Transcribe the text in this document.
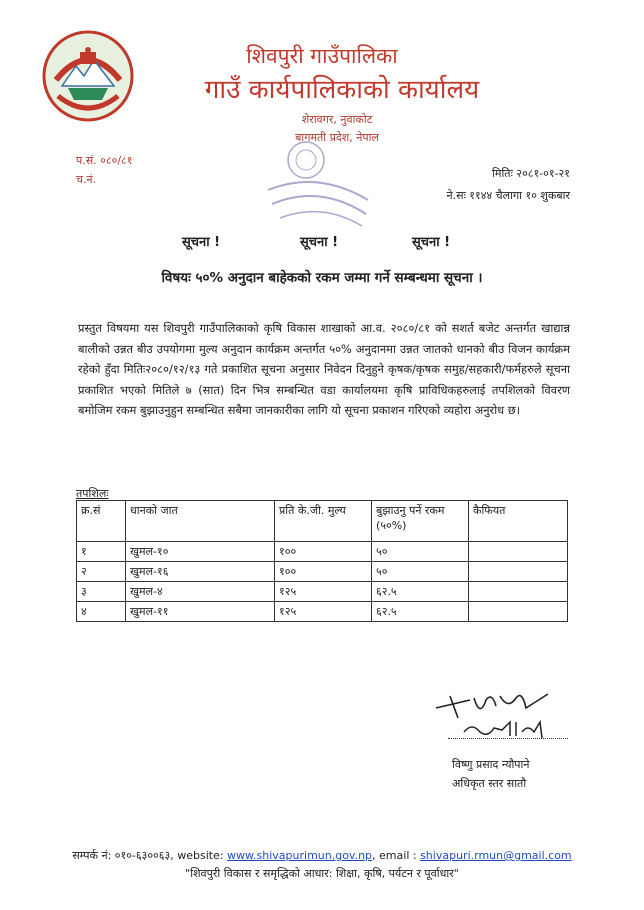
शिवपुरी गाउँपालिका
गाउँ कार्यपालिकाको कार्यालय
शेरावगर, नुवाकोट
बागमती प्रदेश, नेपाल
प.सं. ०८०/८१
च.नं.	मितिः २०८१-०१-२१
ने.सः ११४४ चैलागा १० शुकबार
सूचना !	सूचना !	सूचना !
विषयः ५०% अनुदान बाहेकको रकम जम्मा गर्ने सम्बन्धमा सूचना ।
प्रस्तुत विषयमा यस शिवपुरी गाउँपालिकाको कृषि विकास शाखाको आ.व. २०८०/८१ को सशर्त बजेट अन्तर्गत खाद्यान्न बालीको उन्नत बीउ उपयोगमा मुल्य अनुदान कार्यक्रम अन्तर्गत ५०% अनुदानमा उन्नत जातको धानको बीउ विजन कार्यक्रम रहेको हुँदा मितिः२०८०/१२/१३ गते प्रकाशित सूचना अनुसार निवेदन दिनुहुने कृषक/कृषक समुह/सहकारी/फर्महरुले सूचना प्रकाशित भएको मितिले ७ (सात) दिन भित्र सम्बन्धित वडा कार्यालयमा कृषि प्राविधिकहरुलाई तपशिलको विवरण बमोजिम रकम बुझाउनुहुन सम्बन्धित सबैमा जानकारीका लागि यो सूचना प्रकाशन गरिएको व्यहोरा अनुरोध छ।
तपशिलः
क्र.सं	धानको जात	प्रति के.जी. मुल्य	बुझाउनु पर्ने रकम (५०%)	कैफियत
१	खुमल-१०	१००	५०	
२	खुमल-१६	१००	५०	
३	खुमल-४	१२५	६२.५	
४	खुमल-११	१२५	६२.५	
विष्णु प्रसाद न्यौपाने
अधिकृत स्तर सातौ
सम्पर्क नं: ०१०-६३००६३, website: www.shivapurimun.gov.np, email : shivapuri.rmun@gmail.com
"शिवपुरी विकास र समृद्धिको आधार: शिक्षा, कृषि, पर्यटन र पूर्वाधार"
